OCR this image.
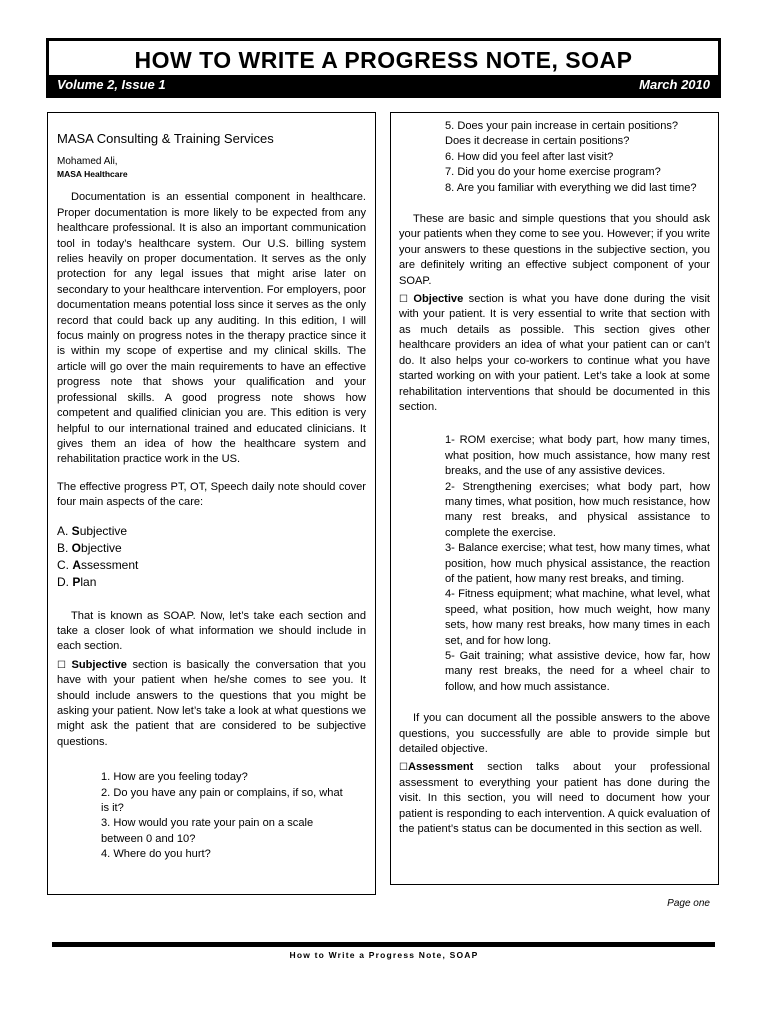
HOW TO WRITE A PROGRESS NOTE, SOAP
Volume 2, Issue 1	March 2010
MASA Consulting & Training Services
Mohamed Ali,
MASA Healthcare

Documentation is an essential component in healthcare. Proper documentation is more likely to be expected from any healthcare professional. It is also an important communication tool in today’s healthcare system. Our U.S. billing system relies heavily on proper documentation. It serves as the only protection for any legal issues that might arise later on secondary to your healthcare intervention. For employers, poor documentation means potential loss since it serves as the only record that could back up any auditing. In this edition, I will focus mainly on progress notes in the therapy practice since it is within my scope of expertise and my clinical skills. The article will go over the main requirements to have an effective progress note that shows your qualification and your professional skills. A good progress note shows how competent and qualified clinician you are. This edition is very helpful to our international trained and educated clinicians. It gives them an idea of how the healthcare system and rehabilitation practice work in the US.

The effective progress PT, OT, Speech daily note should cover four main aspects of the care:

A. Subjective
B. Objective
C. Assessment
D. Plan

That is known as SOAP. Now, let’s take each section and take a closer look of what information we should include in each section.

☐ Subjective section is basically the conversation that you have with your patient when he/she comes to see you. It should include answers to the questions that you might be asking your patient. Now let’s take a look at what questions we might ask the patient that are considered to be subjective questions.

1. How are you feeling today?
2. Do you have any pain or complains, if so, what is it?
3. How would you rate your pain on a scale between 0 and 10?
4. Where do you hurt?
5. Does your pain increase in certain positions? Does it decrease in certain positions?
6. How did you feel after last visit?
7. Did you do your home exercise program?
8. Are you familiar with everything we did last time?

These are basic and simple questions that you should ask your patients when they come to see you. However; if you write your answers to these questions in the subjective section, you are definitely writing an effective subject component of your SOAP.

☐ Objective section is what you have done during the visit with your patient. It is very essential to write that section with as much details as possible. This section gives other healthcare providers an idea of what your patient can or can’t do. It also helps your co-workers to continue what you have started working on with your patient. Let’s take a look at some rehabilitation interventions that should be documented in this section.

1- ROM exercise; what body part, how many times, what position, how much assistance, how many rest breaks, and the use of any assistive devices.
2- Strengthening exercises; what body part, how many times, what position, how much resistance, how many rest breaks, and physical assistance to complete the exercise.
3- Balance exercise; what test, how many times, what position, how much physical assistance, the reaction of the patient, how many rest breaks, and timing.
4- Fitness equipment; what machine, what level, what speed, what position, how much weight, how many sets, how many rest breaks, how many times in each set, and for how long.
5- Gait training; what assistive device, how far, how many rest breaks, the need for a wheel chair to follow, and how much assistance.

If you can document all the possible answers to the above questions, you successfully are able to provide simple but detailed objective.

☐Assessment section talks about your professional assessment to everything your patient has done during the visit. In this section, you will need to document how your patient is responding to each intervention. A quick evaluation of the patient’s status can be documented in this section as well.

Page one
How to Write a Progress Note, SOAP
